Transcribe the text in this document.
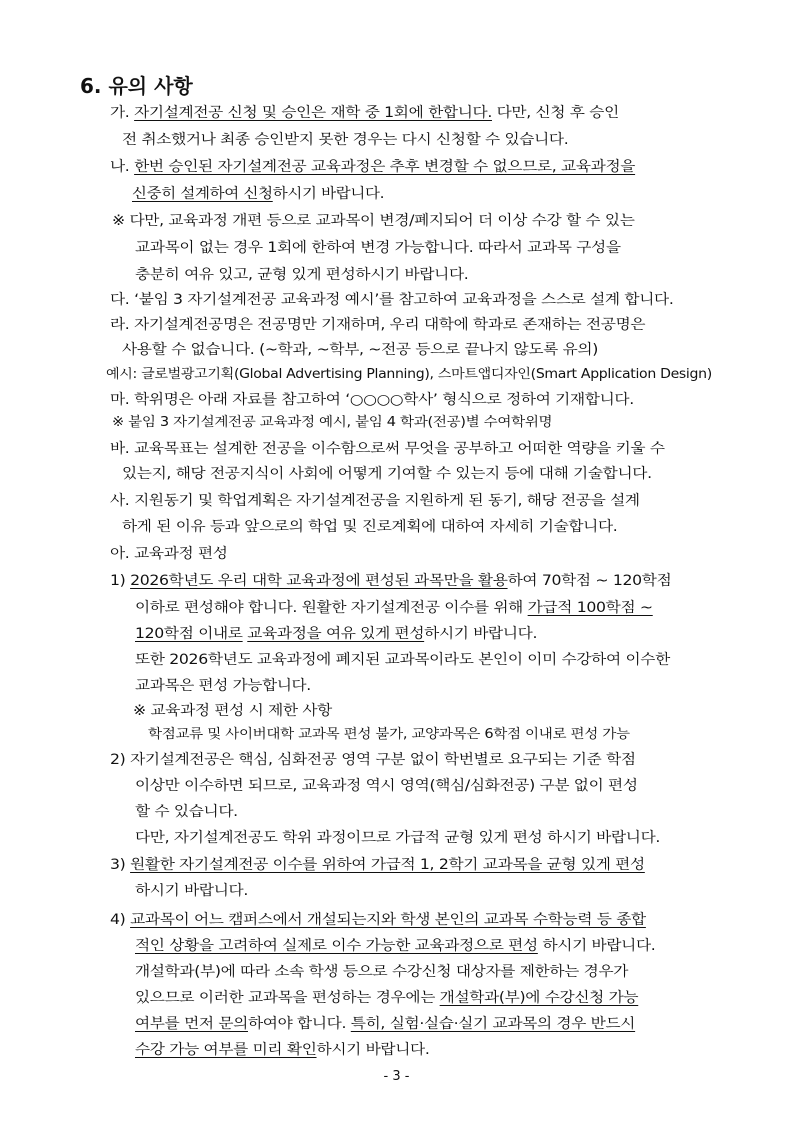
6. 유의 사항
가. 자기설계전공 신청 및 승인은 재학 중 1회에 한합니다. 다만, 신청 후 승인
전 취소했거나 최종 승인받지 못한 경우는 다시 신청할 수 있습니다.
나. 한번 승인된 자기설계전공 교육과정은 추후 변경할 수 없으므로, 교육과정을
신중히 설계하여 신청하시기 바랍니다.
※ 다만, 교육과정 개편 등으로 교과목이 변경/폐지되어 더 이상 수강 할 수 있는
교과목이 없는 경우 1회에 한하여 변경 가능합니다. 따라서 교과목 구성을
충분히 여유 있고, 균형 있게 편성하시기 바랍니다.
다. ‘붙임 3 자기설계전공 교육과정 예시’를 참고하여 교육과정을 스스로 설계 합니다.
라. 자기설계전공명은 전공명만 기재하며, 우리 대학에 학과로 존재하는 전공명은
사용할 수 없습니다. (~학과, ~학부, ~전공 등으로 끝나지 않도록 유의)
예시: 글로벌광고기획(Global Advertising Planning), 스마트앱디자인(Smart Application Design)
마. 학위명은 아래 자료를 참고하여 ‘○○○○학사’ 형식으로 정하여 기재합니다.
※ 붙임 3 자기설계전공 교육과정 예시, 붙임 4 학과(전공)별 수여학위명
바. 교육목표는 설계한 전공을 이수함으로써 무엇을 공부하고 어떠한 역량을 키울 수
있는지, 해당 전공지식이 사회에 어떻게 기여할 수 있는지 등에 대해 기술합니다.
사. 지원동기 및 학업계획은 자기설계전공을 지원하게 된 동기, 해당 전공을 설계
하게 된 이유 등과 앞으로의 학업 및 진로계획에 대하여 자세히 기술합니다.
아. 교육과정 편성
1) 2026학년도 우리 대학 교육과정에 편성된 과목만을 활용하여 70학점 ~ 120학점
이하로 편성해야 합니다. 원활한 자기설계전공 이수를 위해 가급적 100학점 ~
120학점 이내로 교육과정을 여유 있게 편성하시기 바랍니다.
또한 2026학년도 교육과정에 폐지된 교과목이라도 본인이 이미 수강하여 이수한
교과목은 편성 가능합니다.
※ 교육과정 편성 시 제한 사항
학점교류 및 사이버대학 교과목 편성 불가, 교양과목은 6학점 이내로 편성 가능
2) 자기설계전공은 핵심, 심화전공 영역 구분 없이 학번별로 요구되는 기준 학점
이상만 이수하면 되므로, 교육과정 역시 영역(핵심/심화전공) 구분 없이 편성
할 수 있습니다.
다만, 자기설계전공도 학위 과정이므로 가급적 균형 있게 편성 하시기 바랍니다.
3) 원활한 자기설계전공 이수를 위하여 가급적 1, 2학기 교과목을 균형 있게 편성
하시기 바랍니다.
4) 교과목이 어느 캠퍼스에서 개설되는지와 학생 본인의 교과목 수학능력 등 종합
적인 상황을 고려하여 실제로 이수 가능한 교육과정으로 편성 하시기 바랍니다.
개설학과(부)에 따라 소속 학생 등으로 수강신청 대상자를 제한하는 경우가
있으므로 이러한 교과목을 편성하는 경우에는 개설학과(부)에 수강신청 가능
여부를 먼저 문의하여야 합니다. 특히, 실험·실습·실기 교과목의 경우 반드시
수강 가능 여부를 미리 확인하시기 바랍니다.
- 3 -
